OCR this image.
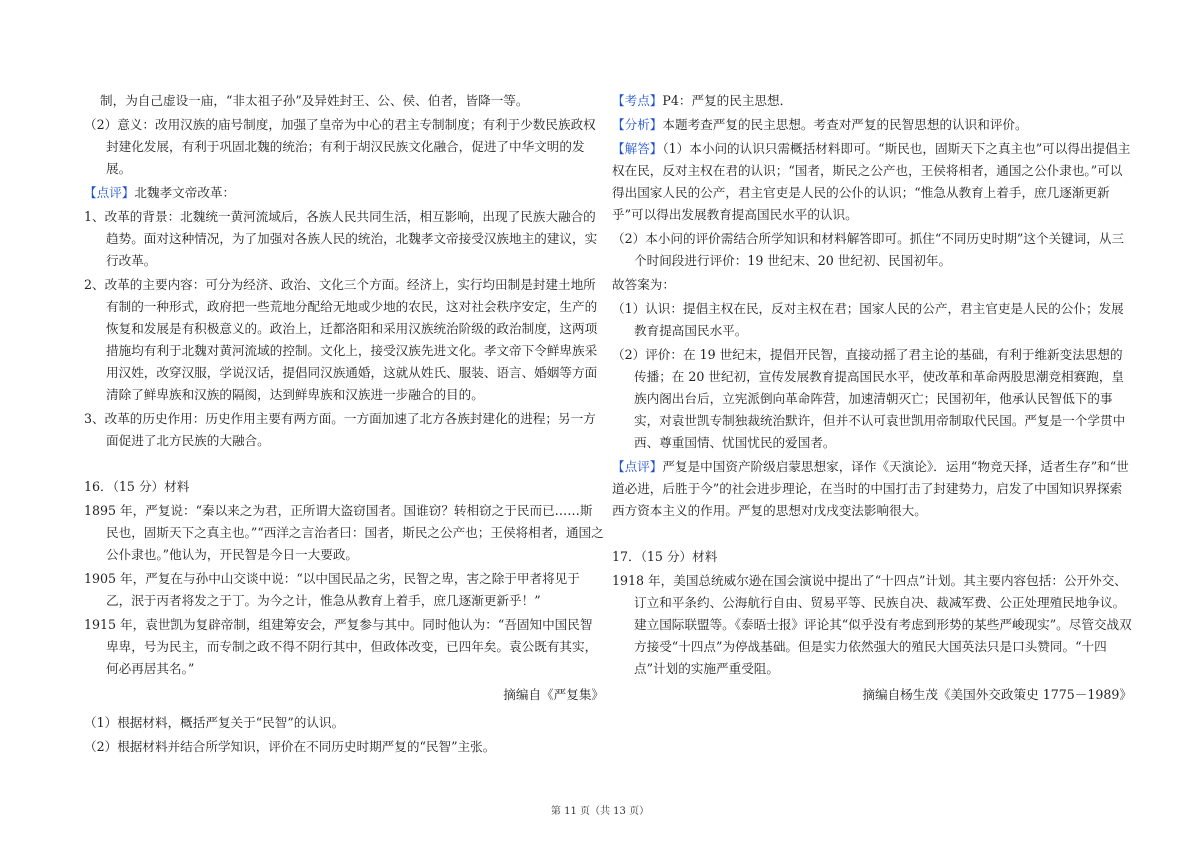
制，为自己虚设一庙，“非太祖子孙”及异姓封王、公、侯、伯者，皆降一等。

（2）意义：改用汉族的庙号制度，加强了皇帝为中心的君主专制制度；有利于少数民族政权封建化发展，有利于巩固北魏的统治；有利于胡汉民族文化融合，促进了中华文明的发展。

【点评】北魏孝文帝改革：

1、改革的背景：北魏统一黄河流域后，各族人民共同生活，相互影响，出现了民族大融合的趋势。面对这种情况，为了加强对各族人民的统治，北魏孝文帝接受汉族地主的建议，实行改革。

2、改革的主要内容：可分为经济、政治、文化三个方面。经济上，实行均田制是封建土地所有制的一种形式，政府把一些荒地分配给无地或少地的农民，这对社会秩序安定，生产的恢复和发展是有积极意义的。政治上，迁都洛阳和采用汉族统治阶级的政治制度，这两项措施均有利于北魏对黄河流域的控制。文化上，接受汉族先进文化。孝文帝下令鲜卑族采用汉姓，改穿汉服，学说汉话，提倡同汉族通婚，这就从姓氏、服装、语言、婚姻等方面清除了鲜卑族和汉族的隔阂，达到鲜卑族和汉族进一步融合的目的。

3、改革的历史作用：历史作用主要有两方面。一方面加速了北方各族封建化的进程；另一方面促进了北方民族的大融合。

16．（15 分）材料

1895 年，严复说：“秦以来之为君，正所谓大盗窃国者。国谁窃？转相窃之于民而已……斯民也，固斯天下之真主也。”“西洋之言治者曰：国者，斯民之公产也；王侯将相者，通国之公仆隶也。”他认为，开民智是今日一大要政。

1905 年，严复在与孙中山交谈中说：“以中国民品之劣，民智之卑，害之除于甲者将见于乙，泯于丙者将发之于丁。为今之计，惟急从教育上着手，庶几逐渐更新乎！”

1915 年，袁世凯为复辟帝制，组建筹安会，严复参与其中。同时他认为：“吾固知中国民智卑卑，号为民主，而专制之政不得不阴行其中，但政体改变，已四年矣。袁公既有其实，何必再居其名。”

摘编自《严复集》

（1）根据材料，概括严复关于“民智”的认识。

（2）根据材料并结合所学知识，评价在不同历史时期严复的“民智”主张。

【考点】P4：严复的民主思想．

【分析】本题考查严复的民主思想。考查对严复的民智思想的认识和评价。

【解答】（1）本小问的认识只需概括材料即可。“斯民也，固斯天下之真主也”可以得出提倡主权在民，反对主权在君的认识；“国者，斯民之公产也，王侯将相者，通国之公仆隶也。”可以得出国家人民的公产，君主官吏是人民的公仆的认识；“惟急从教育上着手，庶几逐渐更新乎”可以得出发展教育提高国民水平的认识。

（2）本小问的评价需结合所学知识和材料解答即可。抓住“不同历史时期”这个关键词，从三个时间段进行评价：19 世纪末、20 世纪初、民国初年。

故答案为：

（1）认识：提倡主权在民，反对主权在君；国家人民的公产，君主官吏是人民的公仆；发展教育提高国民水平。

（2）评价：在 19 世纪末，提倡开民智，直接动摇了君主论的基础，有利于维新变法思想的传播；在 20 世纪初，宣传发展教育提高国民水平，使改革和革命两股思潮竞相赛跑，皇族内阁出台后，立宪派倒向革命阵营，加速清朝灭亡；民国初年，他承认民智低下的事实，对袁世凯专制独裁统治默许，但并不认可袁世凯用帝制取代民国。严复是一个学贯中西、尊重国情、忧国忧民的爱国者。

【点评】严复是中国资产阶级启蒙思想家，译作《天演论》．运用“物竞天择，适者生存”和“世道必进，后胜于今”的社会进步理论，在当时的中国打击了封建势力，启发了中国知识界探索西方资本主义的作用。严复的思想对戊戌变法影响很大。

17．（15 分）材料

1918 年，美国总统威尔逊在国会演说中提出了“十四点”计划。其主要内容包括：公开外交、订立和平条约、公海航行自由、贸易平等、民族自决、裁减军费、公正处理殖民地争议。建立国际联盟等。《泰晤士报》评论其“似乎没有考虑到形势的某些严峻现实”。尽管交战双方接受“十四点”为停战基础。但是实力依然强大的殖民大国英法只是口头赞同。“十四点”计划的实施严重受阻。

摘编自杨生茂《美国外交政策史 1775－1989》

第 11 页（共 13 页）
